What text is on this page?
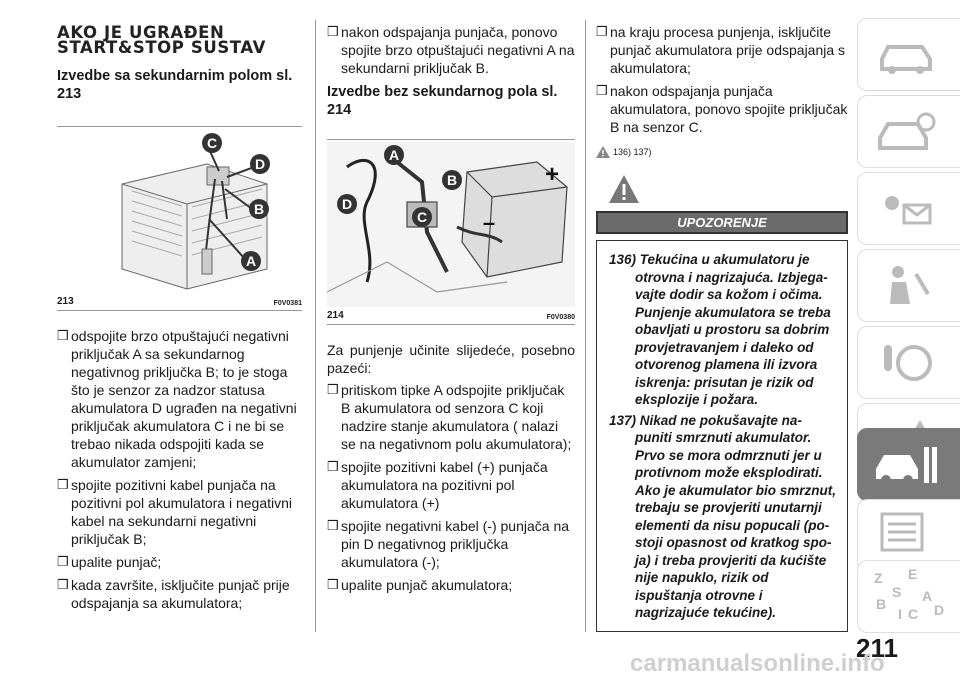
AKO JE UGRAĐEN
START&STOP SUSTAV
Izvedbe sa sekundarnim polom sl. 213
C
D
B
A
213	F0V0381
❒ odspojite brzo otpuštajući negativni priključak A sa sekundarnog negativnog priključka B; to je stoga što je senzor za nadzor statusa akumulatora D ugrađen na negativni priključak akumulatora C i ne bi se trebao nikada odspojiti kada se akumulator zamjeni;
❒ spojite pozitivni kabel punjača na pozitivni pol akumulatora i negativni kabel na sekundarni negativni priključak B;
❒ upalite punjač;
❒ kada završite, isključite punjač prije odspajanja sa akumulatora;
❒ nakon odspajanja punjača, ponovo spojite brzo otpuštajući negativni A na sekundarni priključak B.
Izvedbe bez sekundarnog pola sl. 214
A
B
D
C
+
–
214	F0V0380
Za punjenje učinite slijedeće, posebno pazeći:
❒ pritiskom tipke A odspojite priključak B akumulatora od senzora C koji nadzire stanje akumulatora ( nalazi se na negativnom polu akumulatora);
❒ spojite pozitivni kabel (+) punjača akumulatora na pozitivni pol akumulatora (+)
❒ spojite negativni kabel (-) punjača na pin D negativnog priključka akumulatora (-);
❒ upalite punjač akumulatora;
❒ na kraju procesa punjenja, isključite punjač akumulatora prije odspajanja s akumulatora;
❒ nakon odspajanja punjača akumulatora, ponovo spojite priključak B na senzor C.
136) 137)
UPOZORENJE
136) Tekućina u akumulatoru je otrovna i nagrizajuća. Izbjega- vajte dodir sa kožom i očima. Punjenje akumulatora se treba obavljati u prostoru sa dobrim provjetravanjem i daleko od otvorenog plamena ili izvora iskrenja: prisutan je rizik od eksplozije i požara.
137) Nikad ne pokušavajte na- puniti smrznuti akumulator. Prvo se mora odmrznuti jer u protivnom može eksplodirati. Ako je akumulator bio smrznut, trebaju se provjeriti unutarnji elementi da nisu popucali (po- stoji opasnost od kratkog spo- ja) i treba provjeriti da kućište nije napuklo, rizik od ispuštanja otrovne i nagrizajuće tekućine).
Z E
S A
B
I C D
211
carmanualsonline.info
